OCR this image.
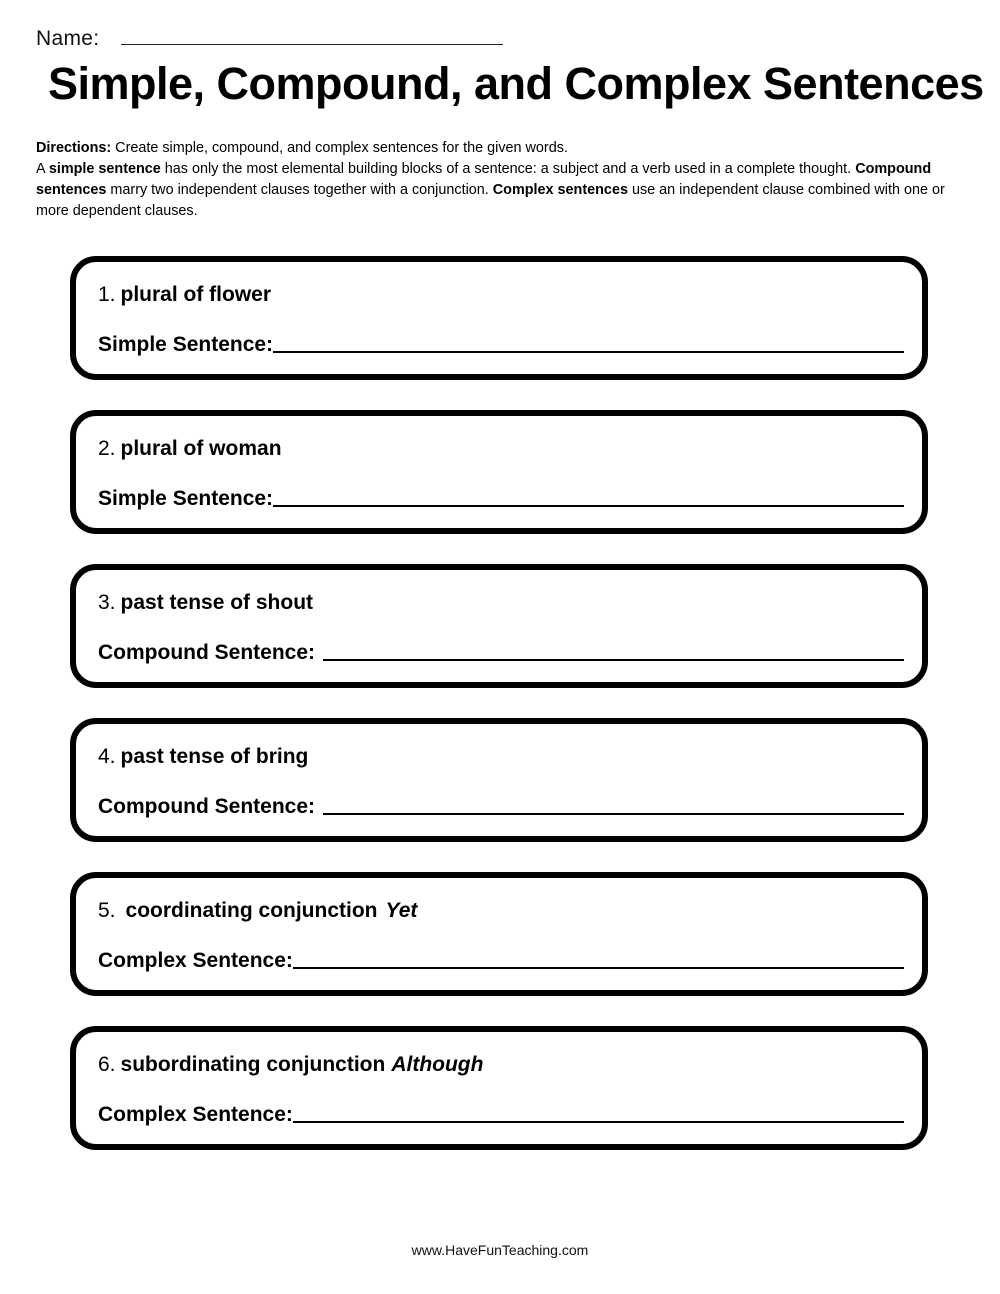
Name:
Simple, Compound, and Complex Sentences
Directions: Create simple, compound, and complex sentences for the given words.
A simple sentence has only the most elemental building blocks of a sentence: a subject and a verb used in a complete thought. Compound sentences marry two independent clauses together with a conjunction. Complex sentences use an independent clause combined with one or more dependent clauses.
1. plural of flower
Simple Sentence:
2. plural of woman
Simple Sentence:
3. past tense of shout
Compound Sentence:
4. past tense of bring
Compound Sentence:
5. coordinating conjunction Yet
Complex Sentence:
6. subordinating conjunction Although
Complex Sentence:
www.HaveFunTeaching.com
